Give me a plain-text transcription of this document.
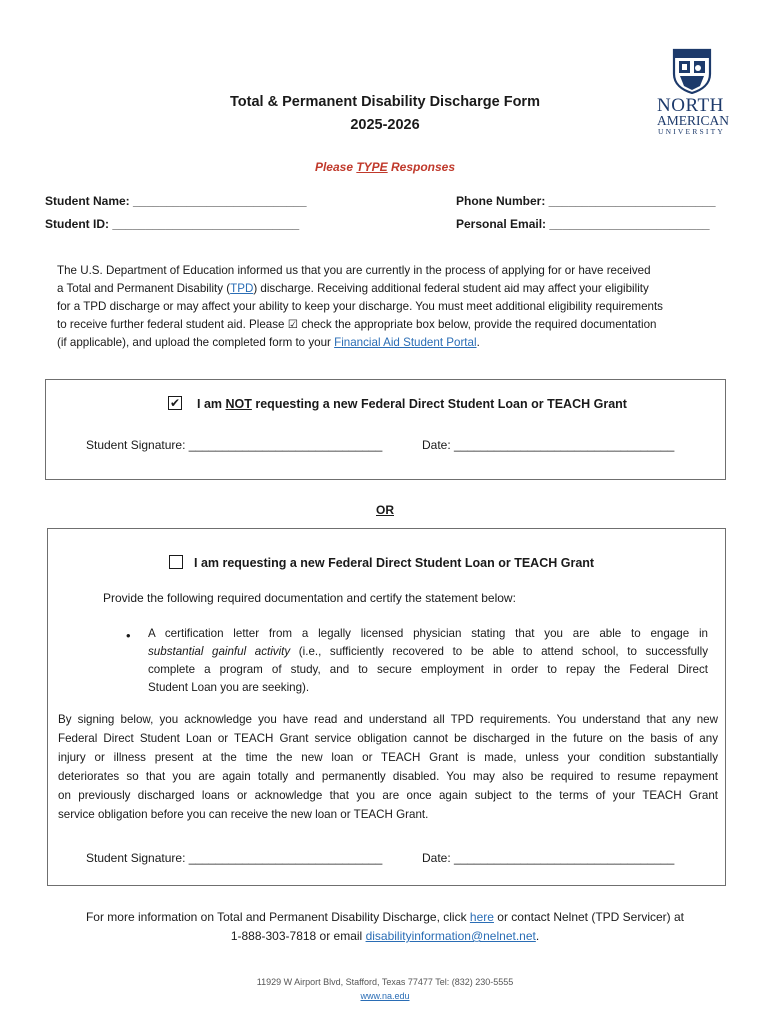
NORTH
AMERICAN
UNIVERSITY
Total & Permanent Disability Discharge Form
2025-2026
Please TYPE Responses
Student Name: __________________________
Student ID: ____________________________
Phone Number: _________________________
Personal Email: ________________________
The U.S. Department of Education informed us that you are currently in the process of applying for or have received
a Total and Permanent Disability (TPD) discharge. Receiving additional federal student aid may affect your eligibility
for a TPD discharge or may affect your ability to keep your discharge. You must meet additional eligibility requirements
to receive further federal student aid. Please ☑ check the appropriate box below, provide the required documentation
(if applicable), and upload the completed form to your Financial Aid Student Portal.
✔ I am NOT requesting a new Federal Direct Student Loan or TEACH Grant
Student Signature: _____________________________	Date: _________________________________
OR
I am requesting a new Federal Direct Student Loan or TEACH Grant
Provide the following required documentation and certify the statement below:
• A certification letter from a legally licensed physician stating that you are able to engage in
substantial gainful activity (i.e., sufficiently recovered to be able to attend school, to successfully
complete a program of study, and to secure employment in order to repay the Federal Direct
Student Loan you are seeking).
By signing below, you acknowledge you have read and understand all TPD requirements. You understand that any new
Federal Direct Student Loan or TEACH Grant service obligation cannot be discharged in the future on the basis of any
injury or illness present at the time the new loan or TEACH Grant is made, unless your condition substantially
deteriorates so that you are again totally and permanently disabled. You may also be required to resume repayment
on previously discharged loans or acknowledge that you are once again subject to the terms of your TEACH Grant
service obligation before you can receive the new loan or TEACH Grant.
Student Signature: _____________________________	Date: _________________________________
For more information on Total and Permanent Disability Discharge, click here or contact Nelnet (TPD Servicer) at
1-888-303-7818 or email disabilityinformation@nelnet.net.
11929 W Airport Blvd, Stafford, Texas 77477 Tel: (832) 230-5555
www.na.edu
